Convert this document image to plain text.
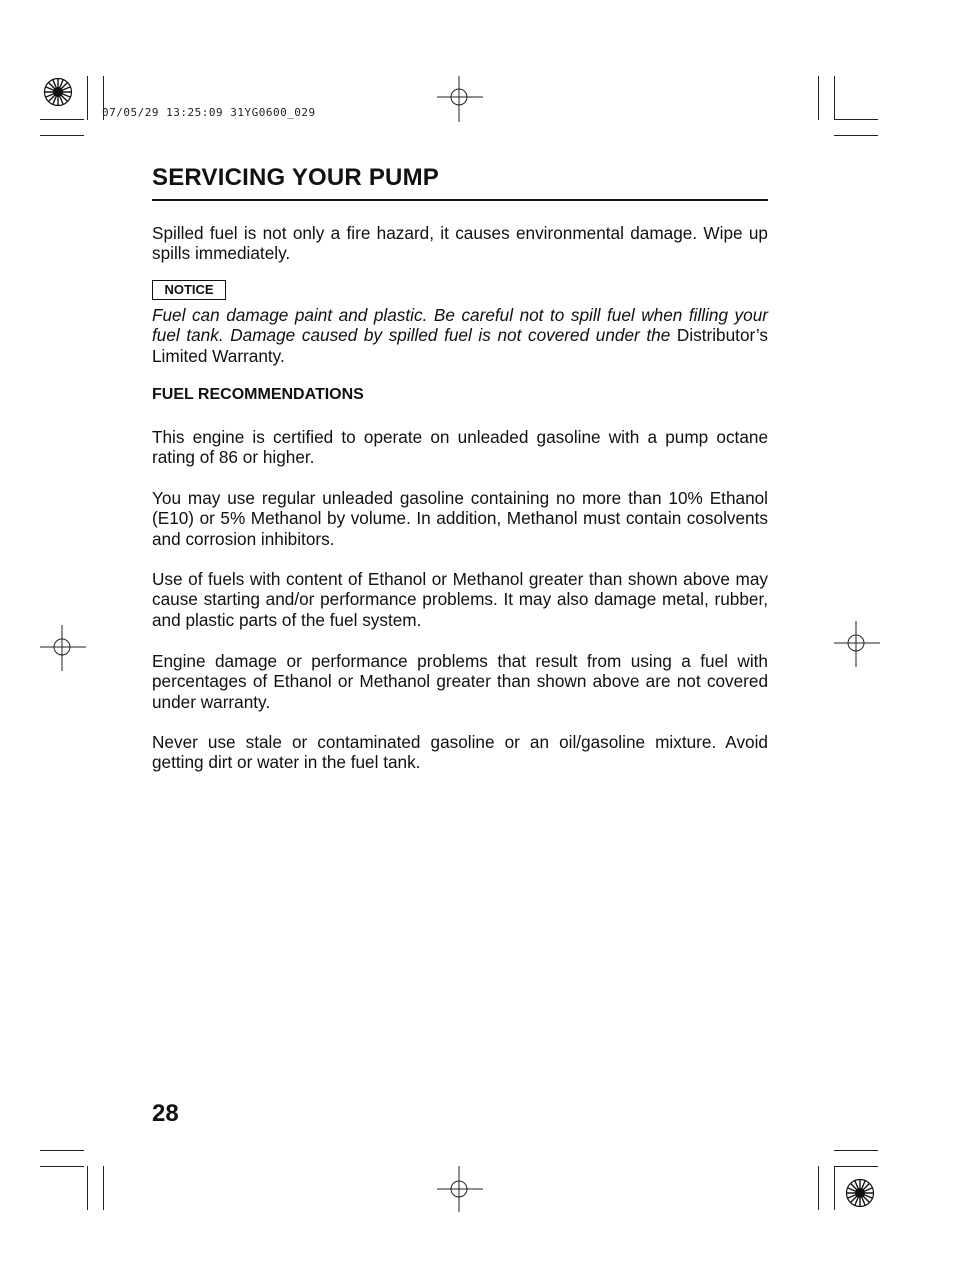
07/05/29 13:25:09 31YG0600_029
SERVICING YOUR PUMP
Spilled fuel is not only a fire hazard, it causes environmental damage. Wipe up spills immediately.
NOTICE
Fuel can damage paint and plastic. Be careful not to spill fuel when filling your fuel tank. Damage caused by spilled fuel is not covered under the Distributor’s Limited Warranty.
FUEL RECOMMENDATIONS
This engine is certified to operate on unleaded gasoline with a pump octane rating of 86 or higher.
You may use regular unleaded gasoline containing no more than 10% Ethanol (E10) or 5% Methanol by volume. In addition, Methanol must contain cosolvents and corrosion inhibitors.
Use of fuels with content of Ethanol or Methanol greater than shown above may cause starting and/or performance problems. It may also damage metal, rubber, and plastic parts of the fuel system.
Engine damage or performance problems that result from using a fuel with percentages of Ethanol or Methanol greater than shown above are not covered under warranty.
Never use stale or contaminated gasoline or an oil/gasoline mixture. Avoid getting dirt or water in the fuel tank.
28
